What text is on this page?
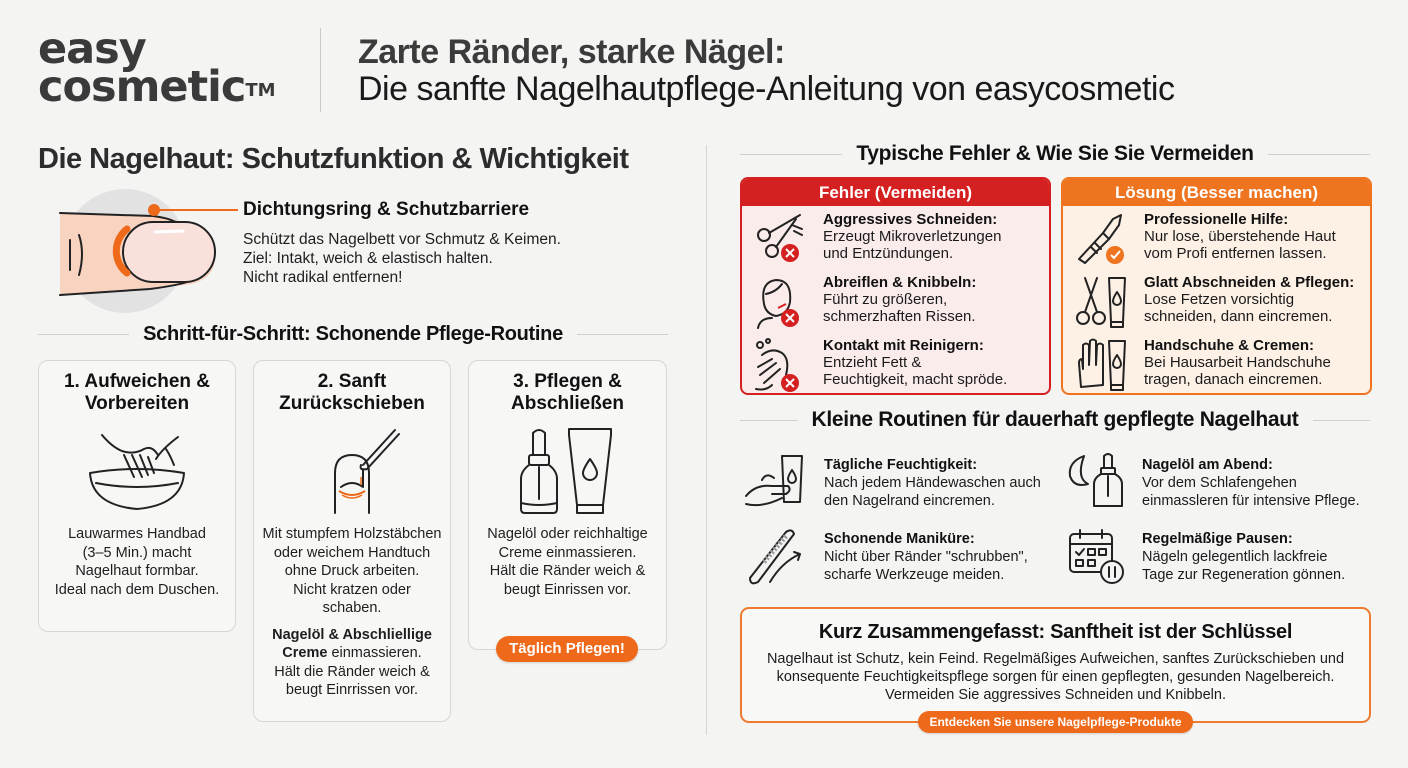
easy
cosmetic™
Zarte Ränder, starke Nägel:
Die sanfte Nagelhautpflege-Anleitung von easycosmetic
Die Nagelhaut: Schutzfunktion & Wichtigkeit
Dichtungsring & Schutzbarriere
Schützt das Nagelbett vor Schmutz & Keimen.
Ziel: Intakt, weich & elastisch halten.
Nicht radikal entfernen!
Schritt-für-Schritt: Schonende Pflege-Routine
1. Aufweichen &
Vorbereiten
Lauwarmes Handbad
(3–5 Min.) macht
Nagelhaut formbar.
Ideal nach dem Duschen.
2. Sanft
Zurückschieben
Mit stumpfem Holzstäbchen
oder weichem Handtuch
ohne Druck arbeiten.
Nicht kratzen oder
schaben.
Nagelöl & Abschliellige
Creme einmassieren.
Hält die Ränder weich &
beugt Einrrissen vor.
3. Pflegen &
Abschließen
Nagelöl oder reichhaltige
Creme einmassieren.
Hält die Ränder weich &
beugt Einrissen vor.
Täglich Pflegen!
Typische Fehler & Wie Sie Sie Vermeiden
Fehler (Vermeiden)
Aggressives Schneiden:
Erzeugt Mikroverletzungen
und Entzündungen.
Abreiflen & Knibbeln:
Führt zu größeren,
schmerzhaften Rissen.
Kontakt mit Reinigern:
Entzieht Fett &
Feuchtigkeit, macht spröde.
Lösung (Besser machen)
Professionelle Hilfe:
Nur lose, überstehende Haut
vom Profi entfernen lassen.
Glatt Abschneiden & Pflegen:
Lose Fetzen vorsichtig
schneiden, dann eincremen.
Handschuhe & Cremen:
Bei Hausarbeit Handschuhe
tragen, danach eincremen.
Kleine Routinen für dauerhaft gepflegte Nagelhaut
Tägliche Feuchtigkeit:
Nach jedem Händewaschen auch
den Nagelrand eincremen.
Nagelöl am Abend:
Vor dem Schlafengehen
einmassleren für intensive Pflege.
Schonende Maniküre:
Nicht über Ränder "schrubben",
scharfe Werkzeuge meiden.
Regelmäßige Pausen:
Nägeln gelegentlich lackfreie
Tage zur Regeneration gönnen.
Kurz Zusammengefasst: Sanftheit ist der Schlüssel
Nagelhaut ist Schutz, kein Feind. Regelmäßiges Aufweichen, sanftes Zurückschieben und
konsequente Feuchtigkeitspflege sorgen für einen gepflegten, gesunden Nagelbereich.
Vermeiden Sie aggressives Schneiden und Knibbeln.
Entdecken Sie unsere Nagelpflege-Produkte
